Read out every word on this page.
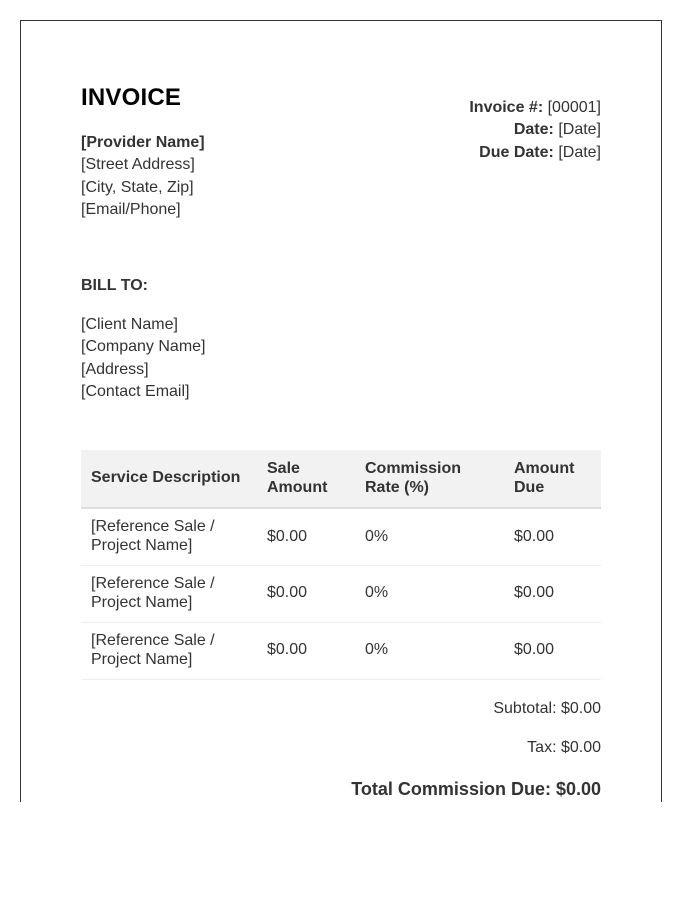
INVOICE
[Provider Name]
[Street Address]
[City, State, Zip]
[Email/Phone]
Invoice #: [00001]
Date: [Date]
Due Date: [Date]
BILL TO:
[Client Name]
[Company Name]
[Address]
[Contact Email]
Service Description	Sale Amount	Commission Rate (%)	Amount Due
[Reference Sale / Project Name]	$0.00	0%	$0.00
[Reference Sale / Project Name]	$0.00	0%	$0.00
[Reference Sale / Project Name]	$0.00	0%	$0.00
Subtotal: $0.00
Tax: $0.00
Total Commission Due: $0.00
